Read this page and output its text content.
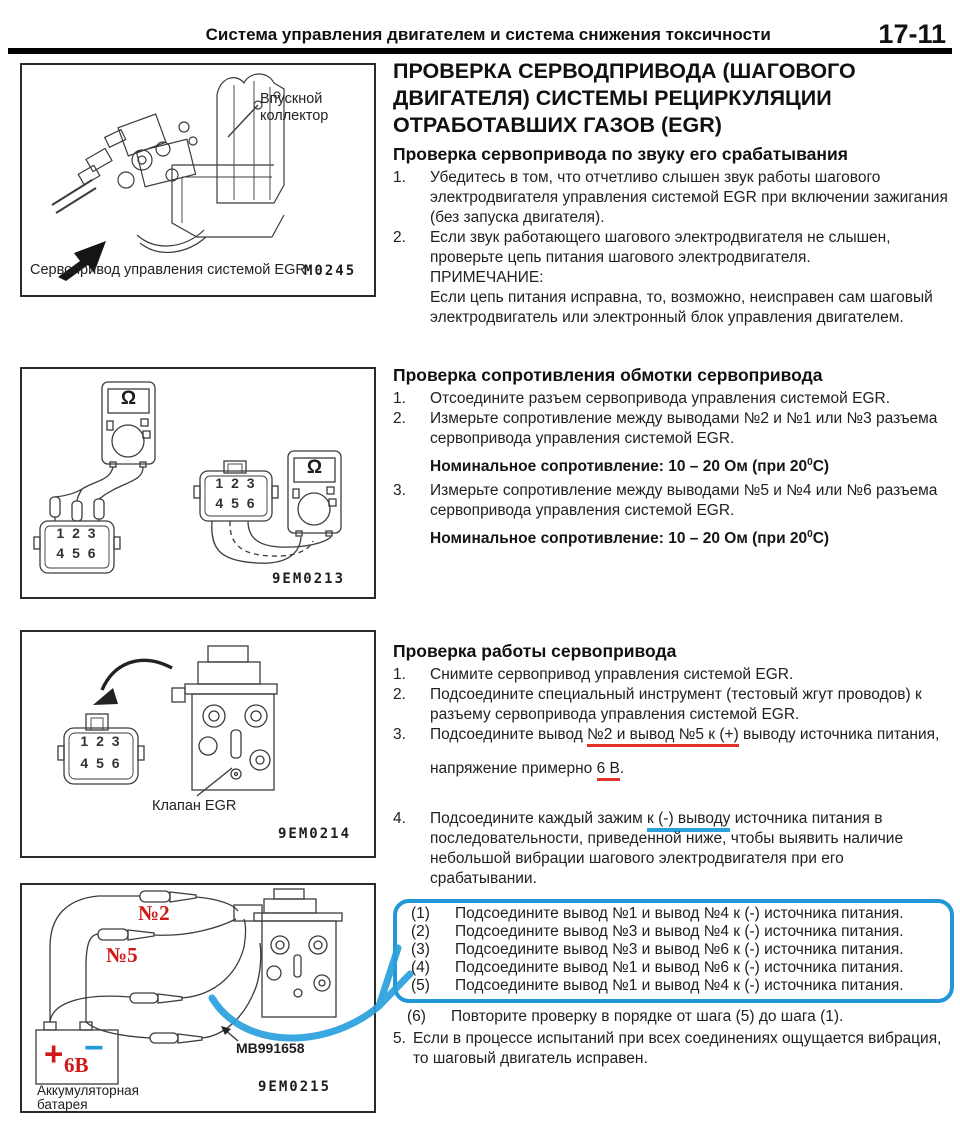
Система управления двигателем и система снижения токсичности	17-11
Впускной коллектор
Сервопривод управления системой EGR
M0245
Ω
Ω
1 2 3
4 5 6
1 2 3
4 5 6
9EM0213
1 2 3
4 5 6
Клапан EGR
9EM0214
+ −
6В
№2
№5
Аккумуляторная батарея
MB991658
9EM0215
ПРОВЕРКА СЕРВОДПРИВОДА (ШАГОВОГО ДВИГАТЕЛЯ) СИСТЕМЫ РЕЦИРКУЛЯЦИИ ОТРАБОТАВШИХ ГАЗОВ (EGR)
Проверка сервопривода по звуку его срабатывания
1.	Убедитесь в том, что отчетливо слышен звук работы шагового электродвигателя управления системой EGR при включении зажигания (без запуска двигателя).
2.	Если звук работающего шагового электродвигателя не слышен, проверьте цепь питания шагового электродвигателя.
ПРИМЕЧАНИЕ:
Если цепь питания исправна, то, возможно, неисправен сам шаговый электродвигатель или электронный блок управления двигателем.
Проверка сопротивления обмотки сервопривода
1.	Отсоедините разъем сервопривода управления системой EGR.
2.	Измерьте сопротивление между выводами №2 и №1 или №3 разъема сервопривода управления системой EGR.
Номинальное сопротивление: 10 – 20 Ом (при $20^0С$)
3.	Измерьте сопротивление между выводами №5 и №4 или №6 разъема сервопривода управления системой EGR.
Номинальное сопротивление: 10 – 20 Ом (при $20^0С$)
Проверка работы сервопривода
1.	Снимите сервопривод управления системой EGR.
2.	Подсоедините специальный инструмент (тестовый жгут проводов) к разъему сервопривода управления системой EGR.
3.	Подсоедините вывод №2 и вывод №5 к (+) выводу источника питания,
напряжение примерно 6 В.
4.	Подсоедините каждый зажим к (-) выводу источника питания в последовательности, приведенной ниже, чтобы выявить наличие небольшой вибрации шагового электродвигателя при его срабатывании.
(1)	Подсоедините вывод №1 и вывод №4 к (-) источника питания.
(2)	Подсоедините вывод №3 и вывод №4 к (-) источника питания.
(3)	Подсоедините вывод №3 и вывод №6 к (-) источника питания.
(4)	Подсоедините вывод №1 и вывод №6 к (-) источника питания.
(5)	Подсоедините вывод №1 и вывод №4 к (-) источника питания.
(6)	Повторите проверку в порядке от шага (5) до шага (1).
5. Если в процессе испытаний при всех соединениях ощущается вибрация, то шаговый двигатель исправен.
